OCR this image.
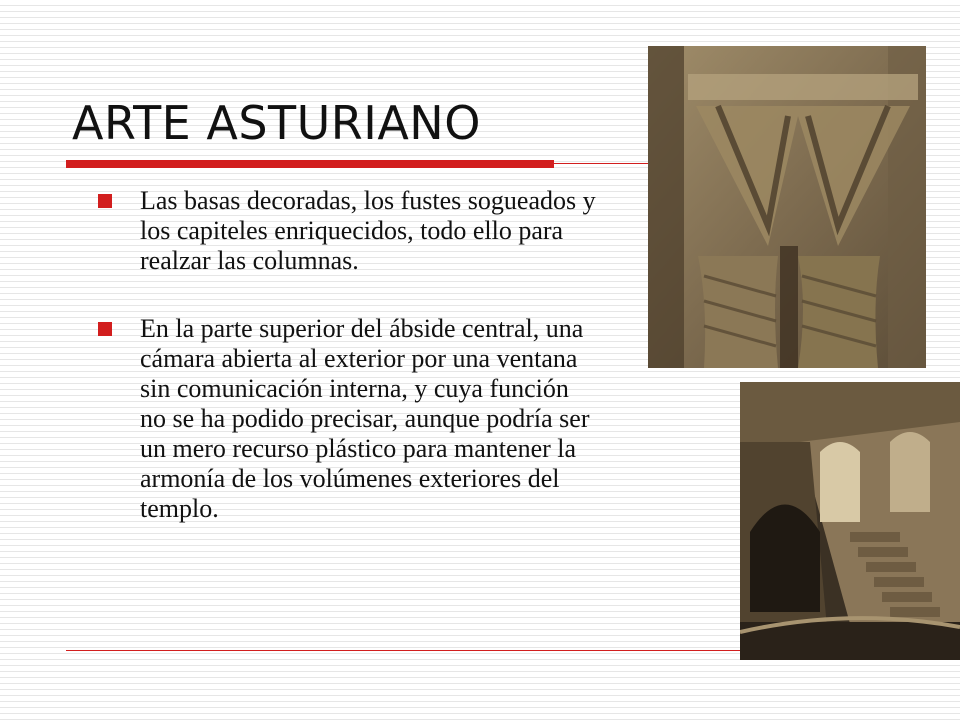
ARTE ASTURIANO
Las basas decoradas, los fustes sogueados y los capiteles enriquecidos, todo ello para realzar las columnas.
En la parte superior del ábside central, una cámara abierta al exterior por una ventana sin comunicación interna, y cuya función no se ha podido precisar, aunque podría ser un mero recurso plástico para mantener la armonía de los volúmenes exteriores del templo.
